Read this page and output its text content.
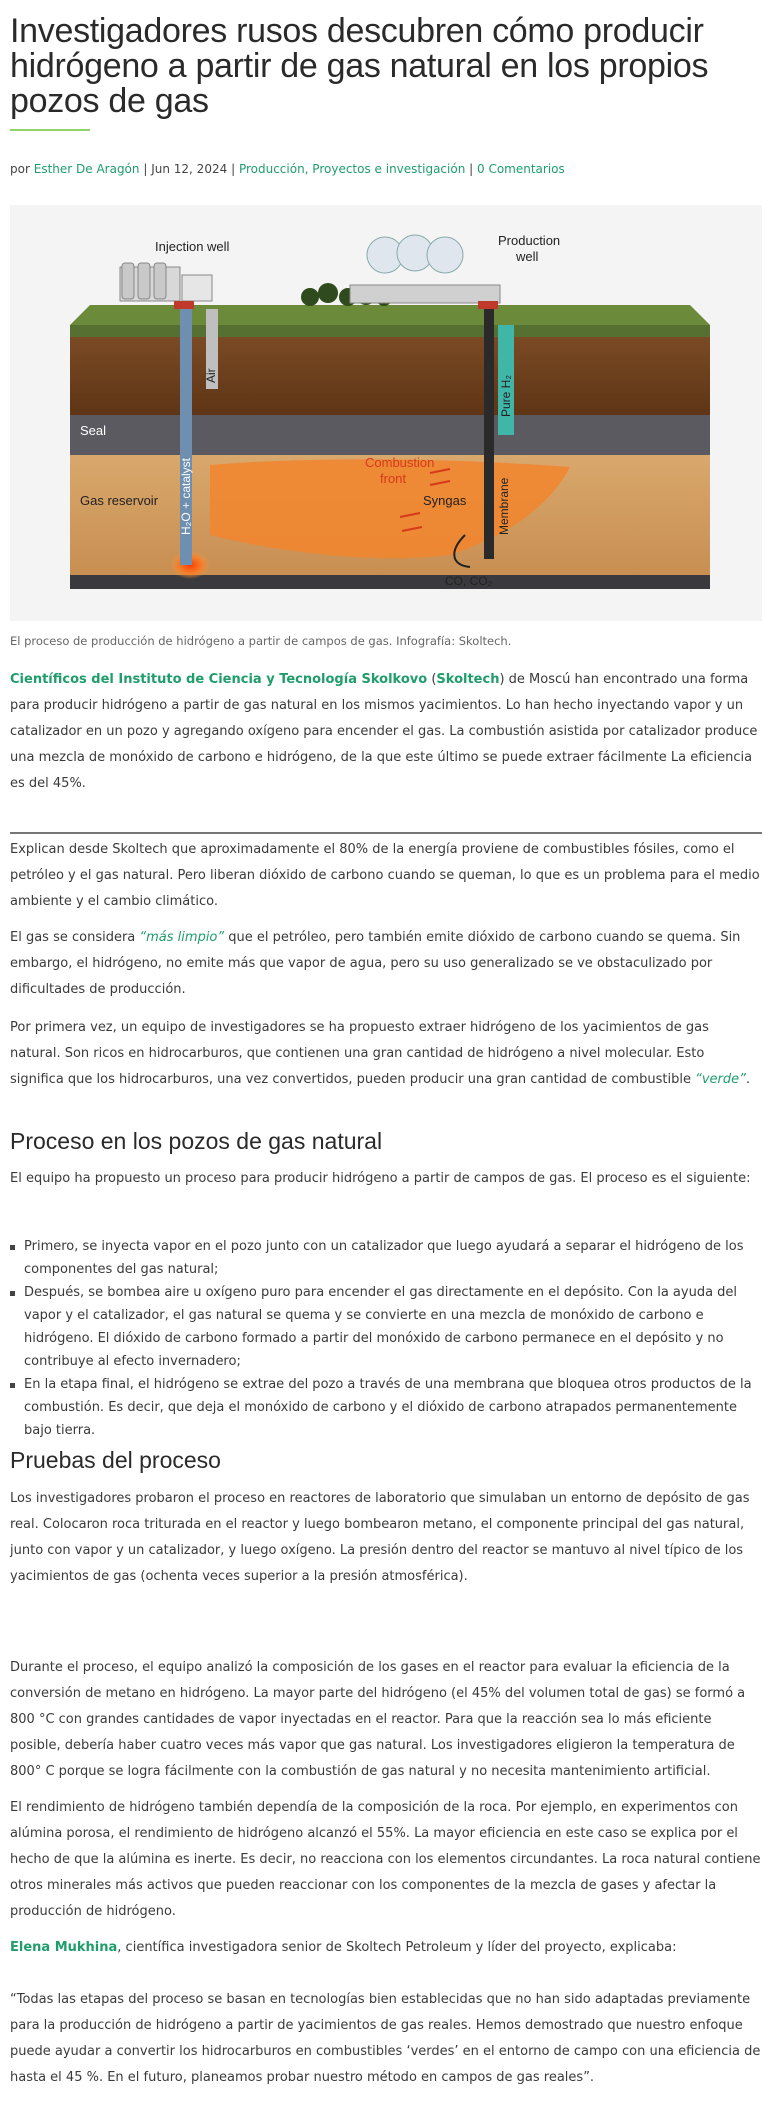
Investigadores rusos descubren cómo producir hidrógeno a partir de gas natural en los propios pozos de gas
por Esther De Aragón | Jun 12, 2024 | Producción, Proyectos e investigación | 0 Comentarios
Injection well	Production
well
Seal
Gas reservoir
Combustion
front
Syngas
CO, CO₂
Air
H₂O + catalyst
Pure H₂
Membrane
El proceso de producción de hidrógeno a partir de campos de gas. Infografía: Skoltech.

Científicos del Instituto de Ciencia y Tecnología Skolkovo (Skoltech) de Moscú han encontrado una forma para producir hidrógeno a partir de gas natural en los mismos yacimientos. Lo han hecho inyectando vapor y un catalizador en un pozo y agregando oxígeno para encender el gas. La combustión asistida por catalizador produce una mezcla de monóxido de carbono e hidrógeno, de la que este último se puede extraer fácilmente La eficiencia es del 45%.

Explican desde Skoltech que aproximadamente el 80% de la energía proviene de combustibles fósiles, como el petróleo y el gas natural. Pero liberan dióxido de carbono cuando se queman, lo que es un problema para el medio ambiente y el cambio climático.

El gas se considera “más limpio” que el petróleo, pero también emite dióxido de carbono cuando se quema. Sin embargo, el hidrógeno, no emite más que vapor de agua, pero su uso generalizado se ve obstaculizado por dificultades de producción.

Por primera vez, un equipo de investigadores se ha propuesto extraer hidrógeno de los yacimientos de gas natural. Son ricos en hidrocarburos, que contienen una gran cantidad de hidrógeno a nivel molecular. Esto significa que los hidrocarburos, una vez convertidos, pueden producir una gran cantidad de combustible “verde”.

Proceso en los pozos de gas natural

El equipo ha propuesto un proceso para producir hidrógeno a partir de campos de gas. El proceso es el siguiente:

Primero, se inyecta vapor en el pozo junto con un catalizador que luego ayudará a separar el hidrógeno de los componentes del gas natural;
Después, se bombea aire u oxígeno puro para encender el gas directamente en el depósito. Con la ayuda del vapor y el catalizador, el gas natural se quema y se convierte en una mezcla de monóxido de carbono e hidrógeno. El dióxido de carbono formado a partir del monóxido de carbono permanece en el depósito y no contribuye al efecto invernadero;
En la etapa final, el hidrógeno se extrae del pozo a través de una membrana que bloquea otros productos de la combustión. Es decir, que deja el monóxido de carbono y el dióxido de carbono atrapados permanentemente bajo tierra.
Pruebas del proceso

Los investigadores probaron el proceso en reactores de laboratorio que simulaban un entorno de depósito de gas real. Colocaron roca triturada en el reactor y luego bombearon metano, el componente principal del gas natural, junto con vapor y un catalizador, y luego oxígeno. La presión dentro del reactor se mantuvo al nivel típico de los yacimientos de gas (ochenta veces superior a la presión atmosférica).

Durante el proceso, el equipo analizó la composición de los gases en el reactor para evaluar la eficiencia de la conversión de metano en hidrógeno. La mayor parte del hidrógeno (el 45% del volumen total de gas) se formó a 800 °C con grandes cantidades de vapor inyectadas en el reactor. Para que la reacción sea lo más eficiente posible, debería haber cuatro veces más vapor que gas natural. Los investigadores eligieron la temperatura de 800° C porque se logra fácilmente con la combustión de gas natural y no necesita mantenimiento artificial.

El rendimiento de hidrógeno también dependía de la composición de la roca. Por ejemplo, en experimentos con alúmina porosa, el rendimiento de hidrógeno alcanzó el 55%. La mayor eficiencia en este caso se explica por el hecho de que la alúmina es inerte. Es decir, no reacciona con los elementos circundantes. La roca natural contiene otros minerales más activos que pueden reaccionar con los componentes de la mezcla de gases y afectar la producción de hidrógeno.

Elena Mukhina, científica investigadora senior de Skoltech Petroleum y líder del proyecto, explicaba:

“Todas las etapas del proceso se basan en tecnologías bien establecidas que no han sido adaptadas previamente para la producción de hidrógeno a partir de yacimientos de gas reales. Hemos demostrado que nuestro enfoque puede ayudar a convertir los hidrocarburos en combustibles ‘verdes’ en el entorno de campo con una eficiencia de hasta el 45 %. En el futuro, planeamos probar nuestro método en campos de gas reales”.
